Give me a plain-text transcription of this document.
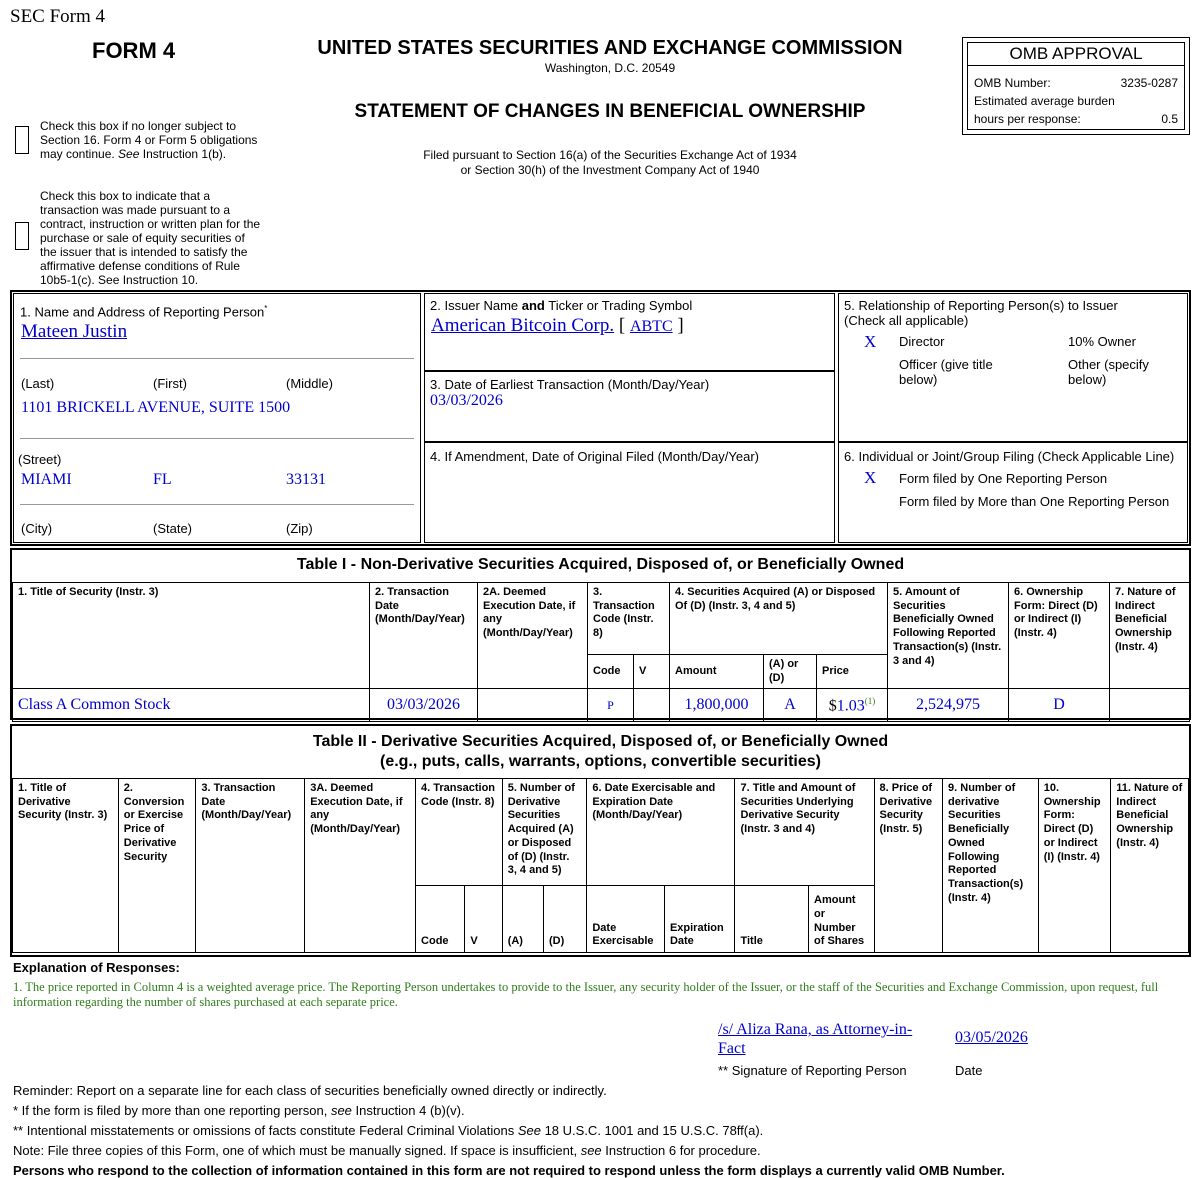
SEC Form 4
FORM 4	UNITED STATES SECURITIES AND EXCHANGE COMMISSION
Washington, D.C. 20549
STATEMENT OF CHANGES IN BENEFICIAL OWNERSHIP
Filed pursuant to Section 16(a) of the Securities Exchange Act of 1934
or Section 30(h) of the Investment Company Act of 1940
OMB APPROVAL
OMB Number:	3235-0287
Estimated average burden
hours per response:	0.5
Check this box if no longer subject to
Section 16. Form 4 or Form 5 obligations
may continue. See Instruction 1(b).
Check this box to indicate that a
transaction was made pursuant to a
contract, instruction or written plan for the
purchase or sale of equity securities of
the issuer that is intended to satisfy the
affirmative defense conditions of Rule
10b5-1(c). See Instruction 10.
1. Name and Address of Reporting Person*
Mateen Justin
(Last)	(First)	(Middle)
1101 BRICKELL AVENUE, SUITE 1500
(Street)
MIAMI	FL	33131
(City)	(State)	(Zip)
2. Issuer Name and Ticker or Trading Symbol
American Bitcoin Corp. [ ABTC ]
3. Date of Earliest Transaction (Month/Day/Year)
03/03/2026
4. If Amendment, Date of Original Filed (Month/Day/Year)
5. Relationship of Reporting Person(s) to Issuer
(Check all applicable)
X Director	10% Owner
Officer (give title
below)
Other (specify
below)
6. Individual or Joint/Group Filing (Check Applicable Line)
X Form filed by One Reporting Person
Form filed by More than One Reporting Person
Table I - Non-Derivative Securities Acquired, Disposed of, or Beneficially Owned
1. Title of Security (Instr. 3)	2. Transaction Date (Month/Day/Year)	2A. Deemed Execution Date, if any (Month/Day/Year)	3. Transaction Code (Instr. 8)		4. Securities Acquired (A) or Disposed Of (D) (Instr. 3, 4 and 5)			5. Amount of Securities Beneficially Owned Following Reported Transaction(s) (Instr. 3 and 4)	6. Ownership Form: Direct (D) or Indirect (I) (Instr. 4)	7. Nature of Indirect Beneficial Ownership (Instr. 4)
			Code	V	Amount	(A) or (D)	Price			
Class A Common Stock	03/03/2026		P		1,800,000	A	$1.03$^{(1)}$	2,524,975	D	
Table II - Derivative Securities Acquired, Disposed of, or Beneficially Owned
(e.g., puts, calls, warrants, options, convertible securities)
1. Title of Derivative Security (Instr. 3)	2. Conversion or Exercise Price of Derivative Security	3. Transaction Date (Month/Day/Year)	3A. Deemed Execution Date, if any (Month/Day/Year)	4. Transaction Code (Instr. 8)		5. Number of Derivative Securities Acquired (A) or Disposed of (D) (Instr. 3, 4 and 5)		6. Date Exercisable and Expiration Date (Month/Day/Year)		7. Title and Amount of Securities Underlying Derivative Security (Instr. 3 and 4)		8. Price of Derivative Security (Instr. 5)	9. Number of derivative Securities Beneficially Owned Following Reported Transaction(s) (Instr. 4)	10. Ownership Form: Direct (D) or Indirect (I) (Instr. 4)	11. Nature of Indirect Beneficial Ownership (Instr. 4)
				Code	V	(A)	(D)	Date Exercisable	Expiration Date	Title	Amount or Number of Shares				
Explanation of Responses:
1. The price reported in Column 4 is a weighted average price. The Reporting Person undertakes to provide to the Issuer, any security holder of the Issuer, or the staff of the Securities and Exchange Commission, upon request, full information regarding the number of shares purchased at each separate price.
/s/ Aliza Rana, as Attorney-in-
Fact
03/05/2026
** Signature of Reporting Person	Date
Reminder: Report on a separate line for each class of securities beneficially owned directly or indirectly.
* If the form is filed by more than one reporting person, see Instruction 4 (b)(v).
** Intentional misstatements or omissions of facts constitute Federal Criminal Violations See 18 U.S.C. 1001 and 15 U.S.C. 78ff(a).
Note: File three copies of this Form, one of which must be manually signed. If space is insufficient, see Instruction 6 for procedure.
Persons who respond to the collection of information contained in this form are not required to respond unless the form displays a currently valid OMB Number.
